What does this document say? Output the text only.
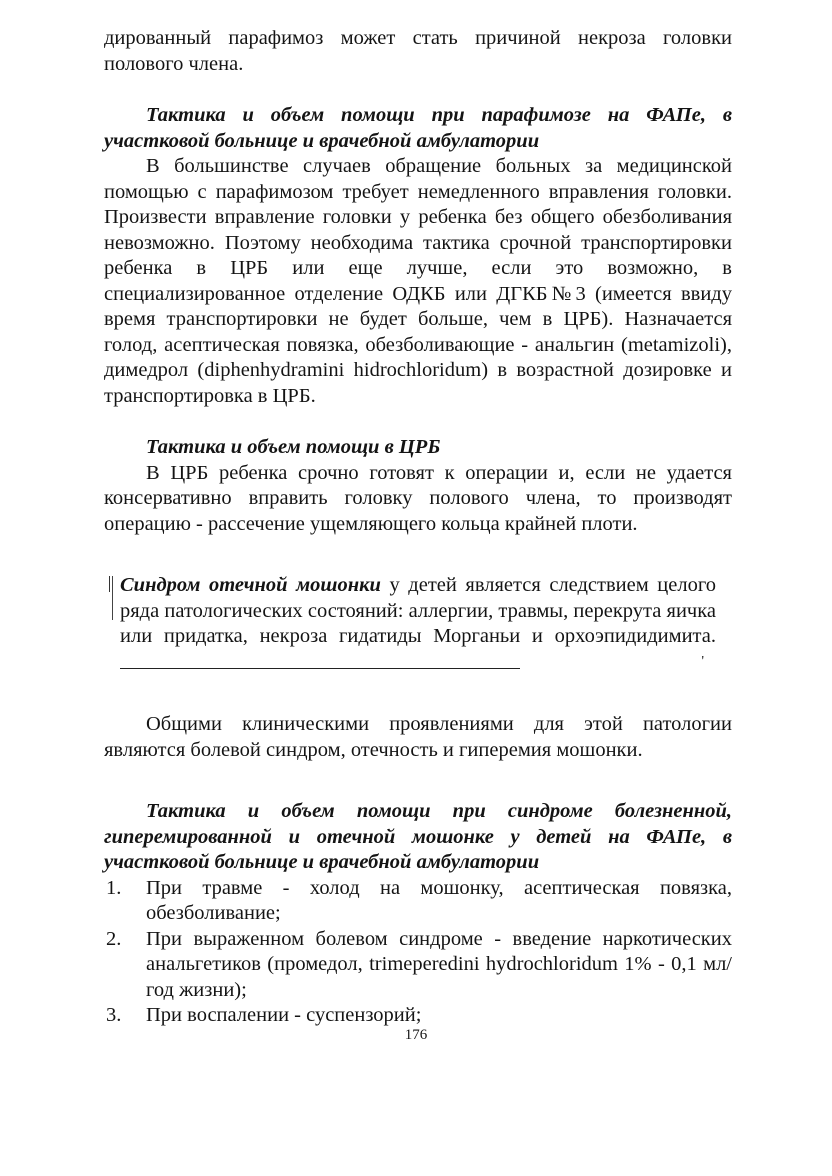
дированный парафимоз может стать причиной некроза головки полового члена.

Тактика и объем помощи при парафимозе на ФАПе, в участковой больнице и врачебной амбулатории

В большинстве случаев обращение больных за медицинской помощью с парафимозом требует немедленного вправления головки. Произвести вправление головки у ребенка без общего обезболивания невозможно. Поэтому необходима тактика срочной транспортировки ребенка в ЦРБ или еще лучше, если это возможно, в специализированное отделение ОДКБ или ДГКБ№3 (имеется ввиду время транспортировки не будет больше, чем в ЦРБ). Назначается голод, асептическая повязка, обезболивающие - анальгин (metamizoli), димедрол (diphenhydramini hidrochloridum) в возрастной дозировке и транспортировка в ЦРБ.

Тактика и объем помощи в ЦРБ

В ЦРБ ребенка срочно готовят к операции и, если не удается консервативно вправить головку полового члена, то производят операцию - рассечение ущемляющего кольца крайней плоти.

Синдром отечной мошонки у детей является следствием целого ряда патологических состояний: аллергии, травмы, перекрута яичка или придатка, некроза гидатиды Морганьи и орхоэпидидимита.

'

Общими клиническими проявлениями для этой патологии являются болевой синдром, отечность и гиперемия мошонки.

Тактика и объем помощи при синдроме болезненной, гиперемированной и отечной мошонке у детей на ФАПе, в участковой больнице и врачебной амбулатории

1. При травме - холод на мошонку, асептическая повязка, обезболивание;
2. При выраженном болевом синдроме - введение наркотических анальгетиков (промедол, trimeperedini hydrochloridum 1% - 0,1 мл/ год жизни);
3. При воспалении - суспензорий;
176
